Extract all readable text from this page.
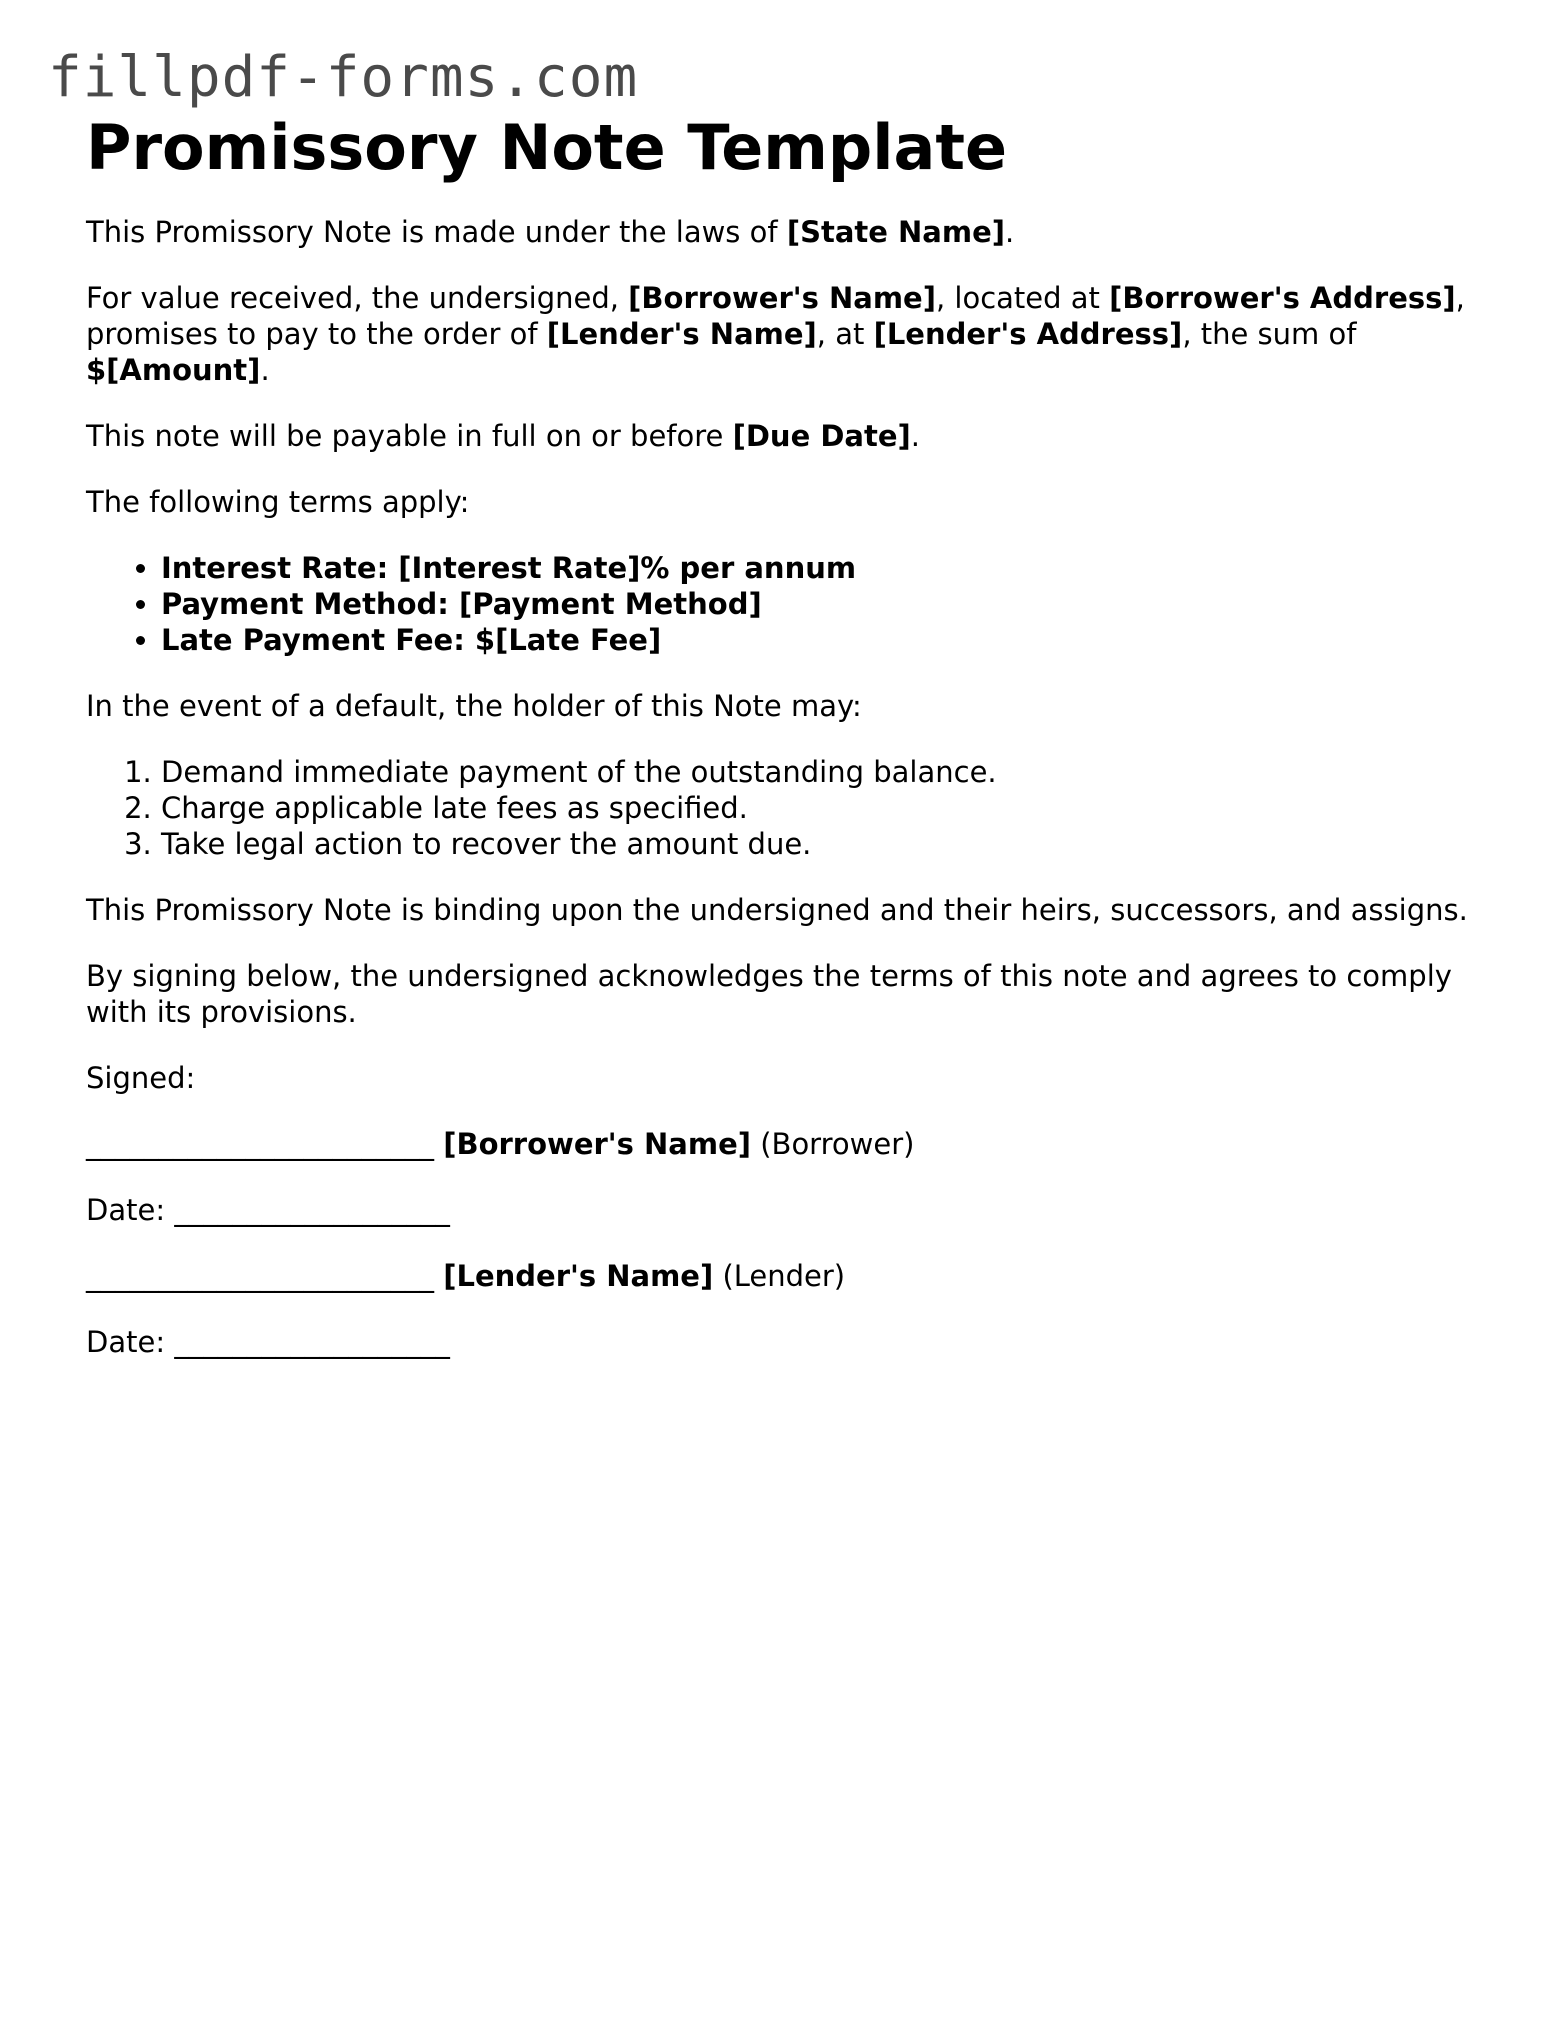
fillpdf-forms.com
Promissory Note Template

This Promissory Note is made under the laws of [State Name].

For value received, the undersigned, [Borrower's Name], located at [Borrower's Address], promises to pay to the order of [Lender's Name], at [Lender's Address], the sum of $[Amount].

This note will be payable in full on or before [Due Date].

The following terms apply:

• Interest Rate: [Interest Rate]% per annum
• Payment Method: [Payment Method]
• Late Payment Fee: $[Late Fee]

In the event of a default, the holder of this Note may:

1. Demand immediate payment of the outstanding balance.
2. Charge applicable late fees as specified.
3. Take legal action to recover the amount due.

This Promissory Note is binding upon the undersigned and their heirs, successors, and assigns.

By signing below, the undersigned acknowledges the terms of this note and agrees to comply with its provisions.

Signed:

________________________ [Borrower's Name] (Borrower)

Date: ___________________

________________________ [Lender's Name] (Lender)

Date: ___________________
